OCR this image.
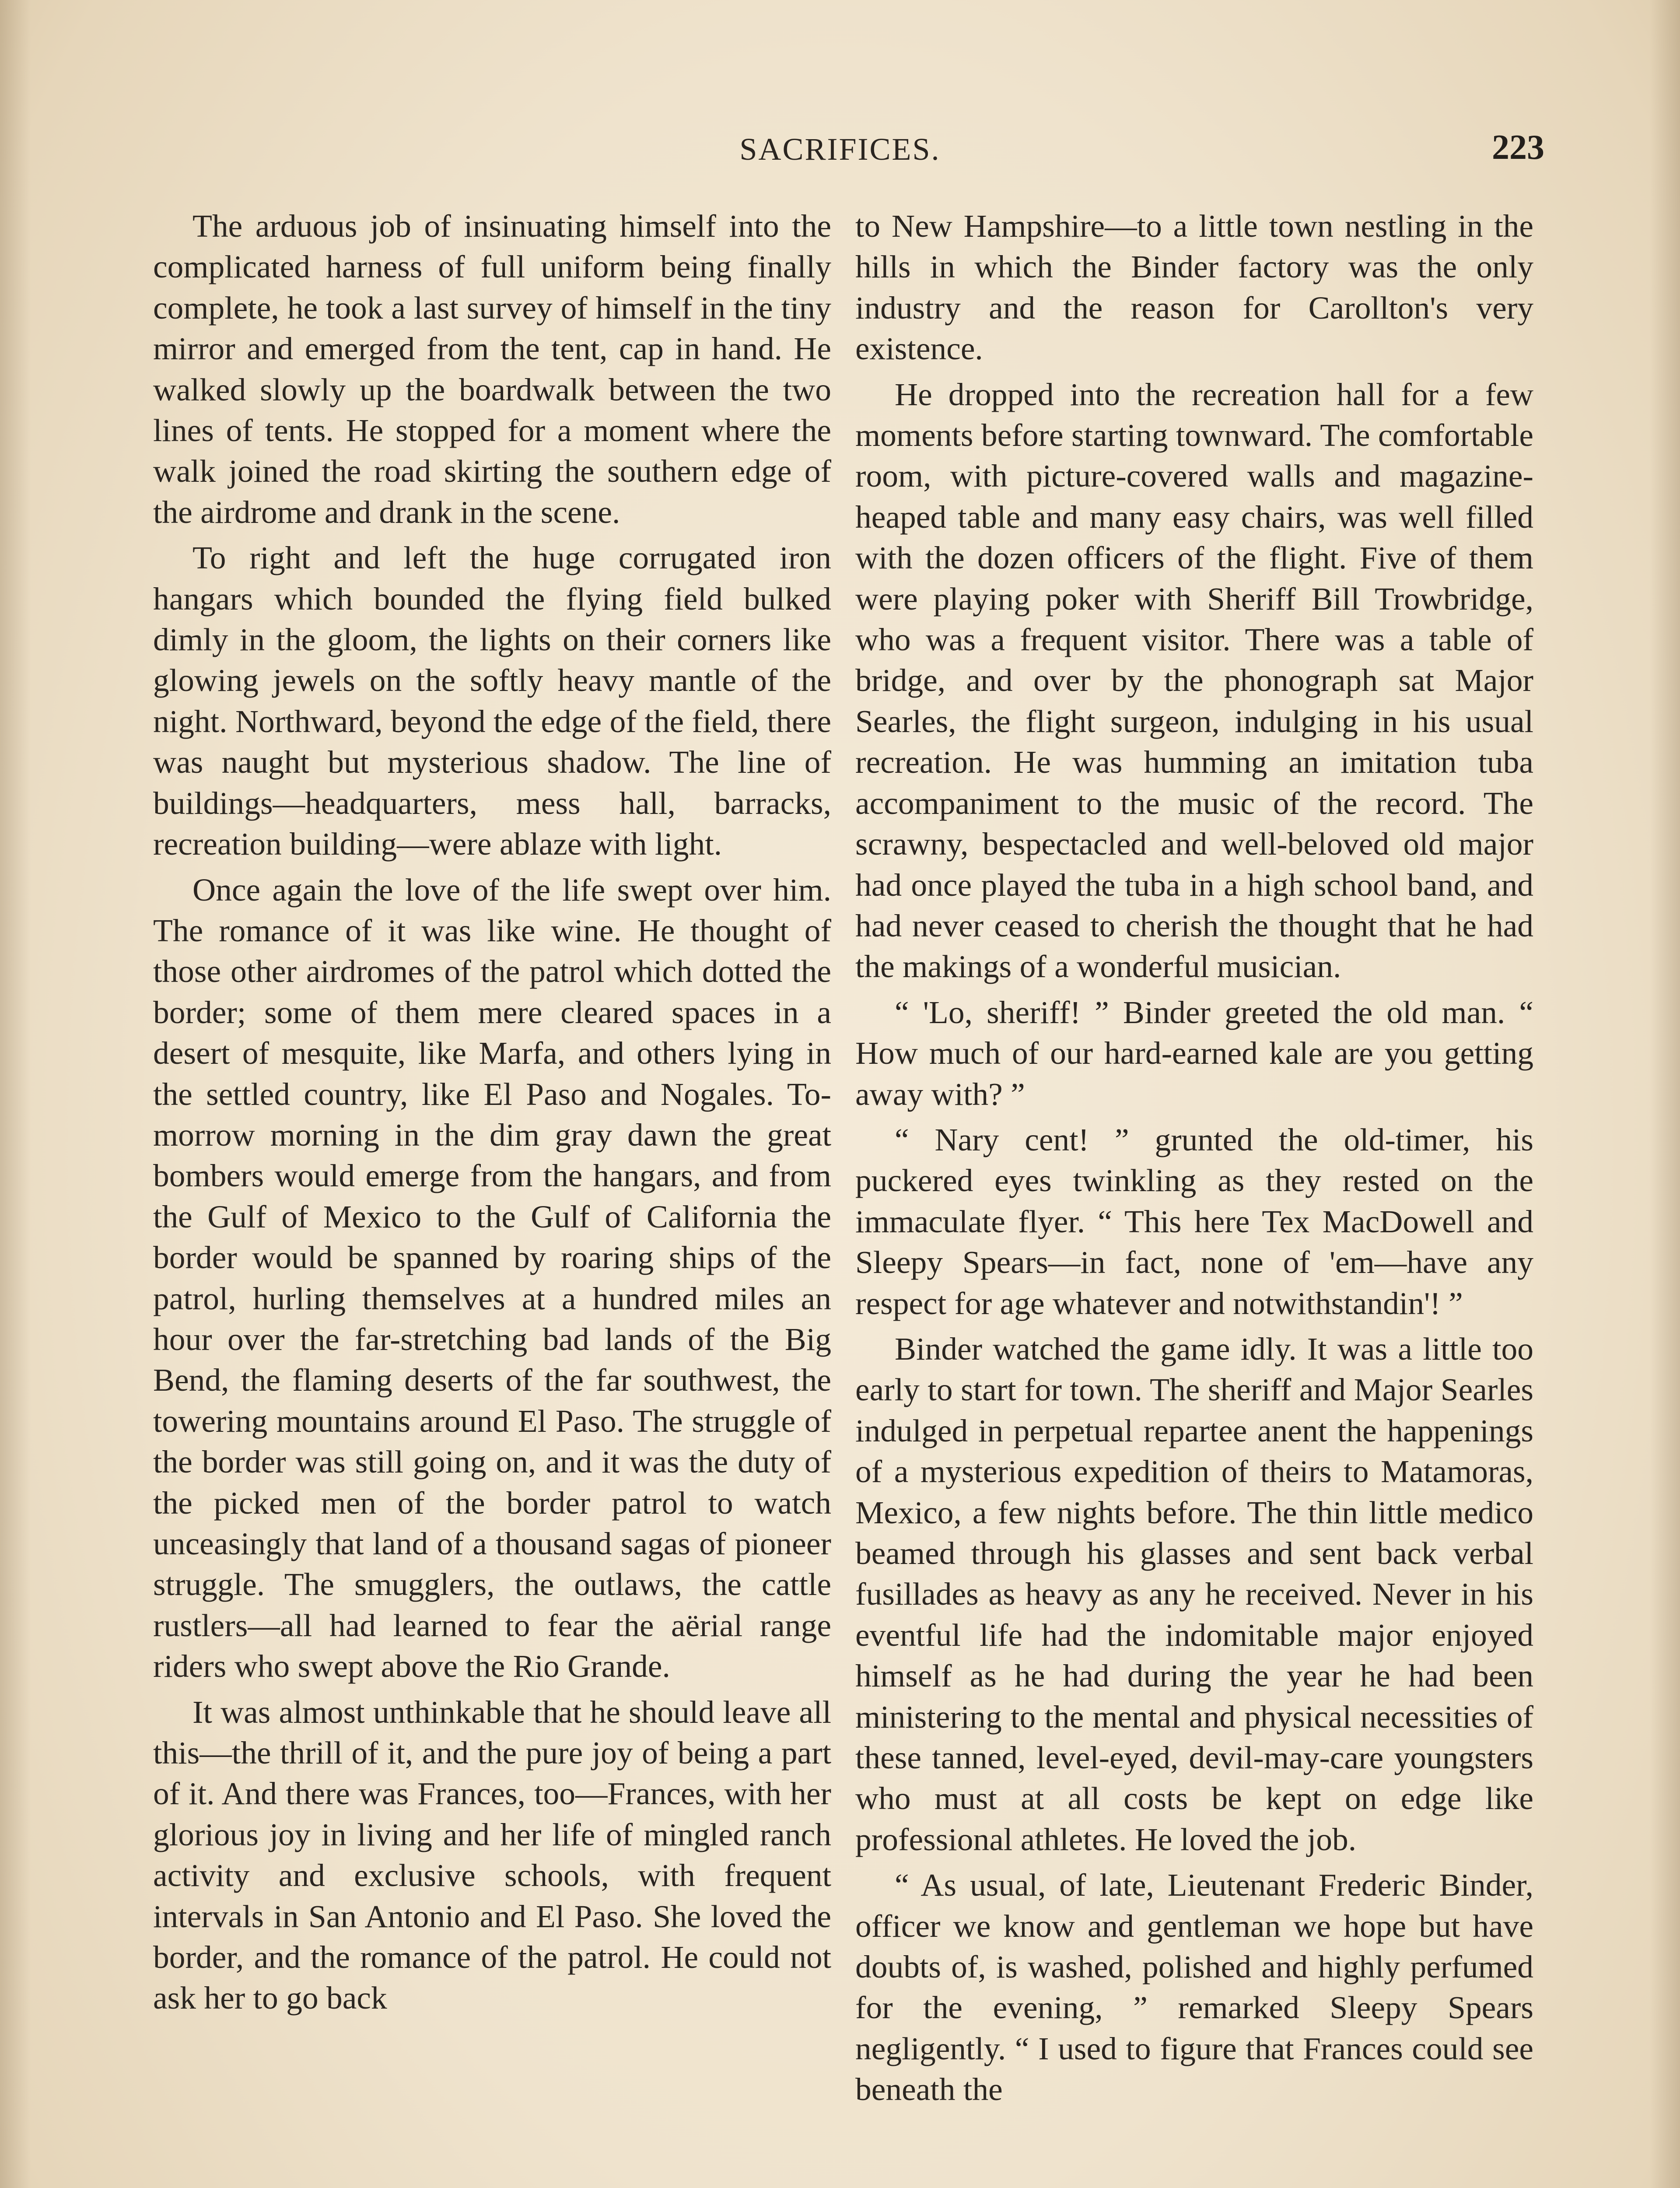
SACRIFICES.	223

The arduous job of insinuating himself into the complicated harness of full uniform being finally complete, he took a last survey of himself in the tiny mirror and emerged from the tent, cap in hand. He walked slowly up the boardwalk between the two lines of tents. He stopped for a moment where the walk joined the road skirting the southern edge of the airdrome and drank in the scene.

To right and left the huge corrugated iron hangars which bounded the flying field bulked dimly in the gloom, the lights on their corners like glowing jewels on the softly heavy mantle of the night. Northward, beyond the edge of the field, there was naught but mysterious shadow. The line of buildings—headquarters, mess hall, barracks, recreation building—were ablaze with light.

Once again the love of the life swept over him. The romance of it was like wine. He thought of those other airdromes of the patrol which dotted the border; some of them mere cleared spaces in a desert of mesquite, like Marfa, and others lying in the settled country, like El Paso and Nogales. To-morrow morning in the dim gray dawn the great bombers would emerge from the hangars, and from the Gulf of Mexico to the Gulf of California the border would be spanned by roaring ships of the patrol, hurling themselves at a hundred miles an hour over the far-stretching bad lands of the Big Bend, the flaming deserts of the far southwest, the towering mountains around El Paso. The struggle of the border was still going on, and it was the duty of the picked men of the border patrol to watch unceasingly that land of a thousand sagas of pioneer struggle. The smugglers, the outlaws, the cattle rustlers—all had learned to fear the aërial range riders who swept above the Rio Grande.

It was almost unthinkable that he should leave all this—the thrill of it, and the pure joy of being a part of it. And there was Frances, too—Frances, with her glorious joy in living and her life of mingled ranch activity and exclusive schools, with frequent intervals in San Antonio and El Paso. She loved the border, and the romance of the patrol. He could not ask her to go back

to New Hampshire—to a little town nestling in the hills in which the Binder factory was the only industry and the reason for Carollton's very existence.

He dropped into the recreation hall for a few moments before starting townward. The comfortable room, with picture-covered walls and magazine-heaped table and many easy chairs, was well filled with the dozen officers of the flight. Five of them were playing poker with Sheriff Bill Trowbridge, who was a frequent visitor. There was a table of bridge, and over by the phonograph sat Major Searles, the flight surgeon, indulging in his usual recreation. He was humming an imitation tuba accompaniment to the music of the record. The scrawny, bespectacled and well-beloved old major had once played the tuba in a high school band, and had never ceased to cherish the thought that he had the makings of a wonderful musician.

“ 'Lo, sheriff! ” Binder greeted the old man. “ How much of our hard-earned kale are you getting away with? ”

“ Nary cent! ” grunted the old-timer, his puckered eyes twinkling as they rested on the immaculate flyer. “ This here Tex MacDowell and Sleepy Spears—in fact, none of 'em—have any respect for age whatever and notwithstandin'! ”

Binder watched the game idly. It was a little too early to start for town. The sheriff and Major Searles indulged in perpetual repartee anent the happenings of a mysterious expedition of theirs to Matamoras, Mexico, a few nights before. The thin little medico beamed through his glasses and sent back verbal fusillades as heavy as any he received. Never in his eventful life had the indomitable major enjoyed himself as he had during the year he had been ministering to the mental and physical necessities of these tanned, level-eyed, devil-may-care youngsters who must at all costs be kept on edge like professional athletes. He loved the job.

“ As usual, of late, Lieutenant Frederic Binder, officer we know and gentleman we hope but have doubts of, is washed, polished and highly perfumed for the evening, ” remarked Sleepy Spears negligently. “ I used to figure that Frances could see beneath the
